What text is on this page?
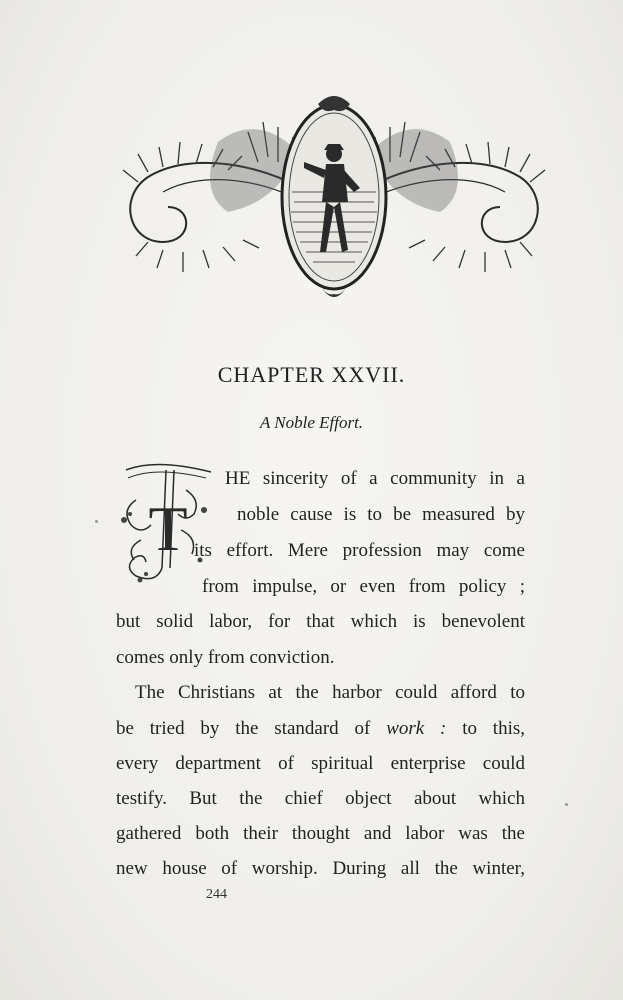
CHAPTER XXVII.
A Noble Effort.
T
HE sincerity of a community in a
noble cause is to be measured by
its effort. Mere profession may come
from impulse, or even from policy ;
but solid labor, for that which is benevolent
comes only from conviction.
The Christians at the harbor could afford to
be tried by the standard of work : to this,
every department of spiritual enterprise could
testify. But the chief object about which
gathered both their thought and labor was the
new house of worship. During all the winter,
244
